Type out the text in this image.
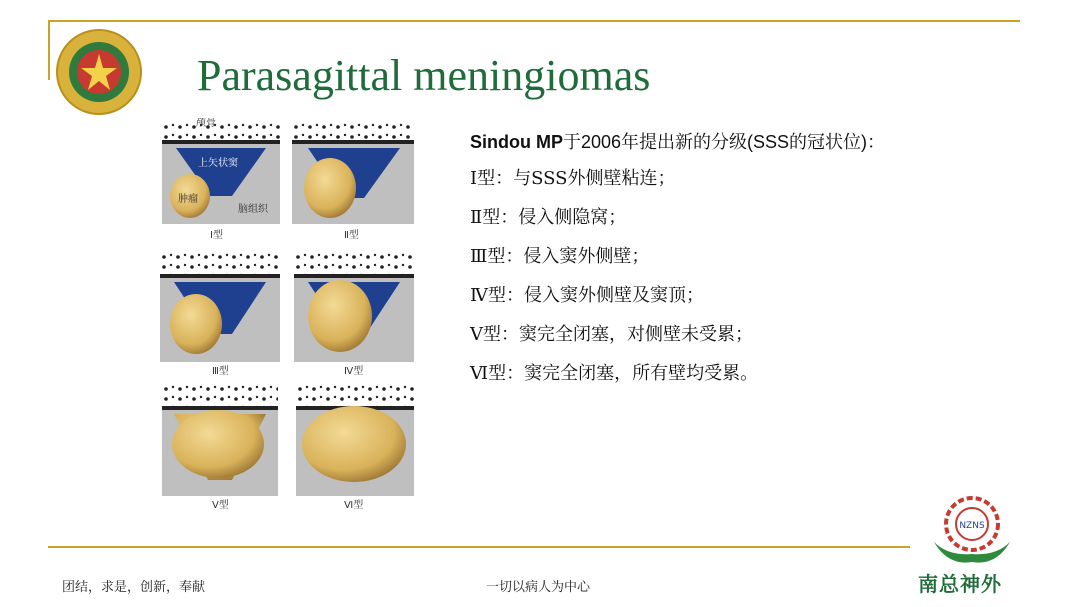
Parasagittal meningiomas
颅骨
上矢状窦
肿瘤
脑组织
Ⅰ型	Ⅱ型
Ⅲ型	Ⅳ型
Ⅴ型	Ⅵ型
Sindou MP于2006年提出新的分级(SSS的冠状位)：
Ⅰ型：与SSS外侧壁粘连；
Ⅱ型：侵入侧隐窝；
Ⅲ型：侵入窦外侧壁；
Ⅳ型：侵入窦外侧壁及窦顶；
Ⅴ型：窦完全闭塞，对侧壁未受累；
Ⅵ型：窦完全闭塞，所有壁均受累。
NZNS
南总神外
团结，求是，创新，奉献	一切以病人为中心
